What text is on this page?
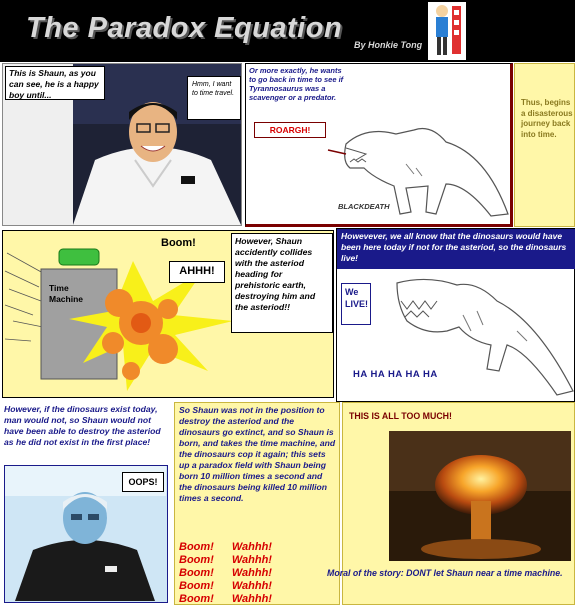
The Paradox Equation
By Honkie Tong
This is Shaun, as you can see, he is a happy boy until...
Hmm, I want to time travel.
Or more exactly, he wants to go back in time to see if Tyrannosaurus was a scavenger or a predator.
ROARGH!
BLACKDEATH
Thus, begins a disasterous journey back into time.
Time Machine
Boom!
AHHH!
However, Shaun accidently collides with the asteriod heading for prehistoric earth, destroying him and the asteriod!!
Howevever, we all know that the dinosaurs would have been here today if not for the asteriod, so the dinosaurs live!
We LIVE!
HA HA HA HA HA
However, if the dinosaurs exist today, man would not, so Shaun would not have been able to destroy the asteriod as he did not exist in the first place!
OOPS!
So Shaun was not in the position to destroy the asteriod and the dinosaurs go extinct, and so Shaun is born, and takes the time machine, and the dinosaurs cop it again; this sets up a paradox field with Shaun being born 10 million times a second and the dinosaurs being killed 10 million times a second.
Boom! Wahhh!
Boom! Wahhh!
Boom! Wahhh!
Boom! Wahhh!
Boom! Wahhh!
THIS IS ALL TOO MUCH!
Moral of the story: DONT let Shaun near a time machine.
